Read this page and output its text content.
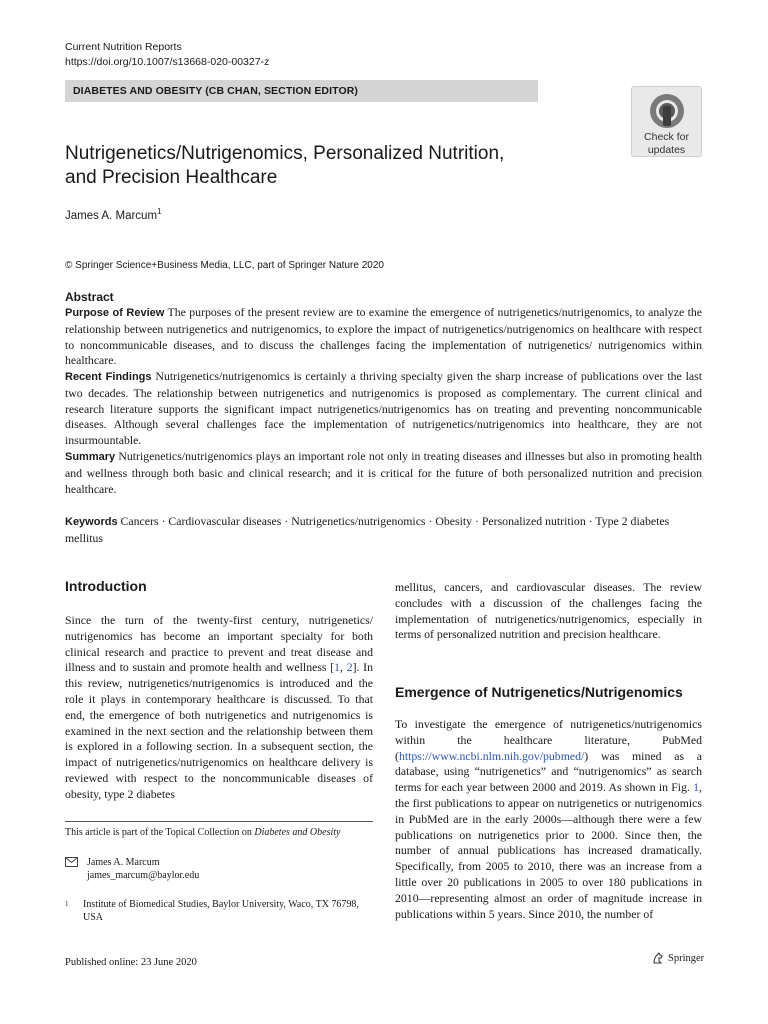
Current Nutrition Reports
https://doi.org/10.1007/s13668-020-00327-z
DIABETES AND OBESITY (CB CHAN, SECTION EDITOR)
Check for
updates
Nutrigenetics/Nutrigenomics, Personalized Nutrition,
and Precision Healthcare
James A. Marcum$^1$
© Springer Science+Business Media, LLC, part of Springer Nature 2020
Abstract

Purpose of Review The purposes of the present review are to examine the emergence of nutrigenetics/nutrigenomics, to analyze the relationship between nutrigenetics and nutrigenomics, to explore the impact of nutrigenetics/nutrigenomics on healthcare with respect to noncommunicable diseases, and to discuss the challenges facing the implementation of nutrigenetics/ nutrigenomics within healthcare.

Recent Findings Nutrigenetics/nutrigenomics is certainly a thriving specialty given the sharp increase of publications over the last two decades. The relationship between nutrigenetics and nutrigenomics is proposed as complementary. The current clinical and research literature supports the significant impact nutrigenetics/nutrigenomics has on treating and preventing noncommunicable diseases. Although several challenges face the implementation of nutrigenetics/nutrigenomics into healthcare, they are not insurmountable.

Summary Nutrigenetics/nutrigenomics plays an important role not only in treating diseases and illnesses but also in promoting health and wellness through both basic and clinical research; and it is critical for the future of both personalized nutrition and precision healthcare.

Keywords Cancers · Cardiovascular diseases · Nutrigenetics/nutrigenomics · Obesity · Personalized nutrition · Type 2 diabetes mellitus

Introduction

Since the turn of the twenty-first century, nutrigenetics/ nutrigenomics has become an important specialty for both clinical research and practice to prevent and treat disease and illness and to sustain and promote health and wellness [1, 2]. In this review, nutrigenetics/nutrigenomics is introduced and the role it plays in contemporary healthcare is discussed. To that end, the emergence of both nutrigenetics and nutrigenomics is examined in the next section and the relationship between them is explored in a following section. In a subsequent section, the impact of nutrigenetics/nutrigenomics on healthcare delivery is reviewed with respect to the noncommunicable diseases of obesity, type 2 diabetes

This article is part of the Topical Collection on Diabetes and Obesity

James A. Marcum
james_marcum@baylor.edu
1 Institute of Biomedical Studies, Baylor University, Waco, TX 76798, USA

mellitus, cancers, and cardiovascular diseases. The review concludes with a discussion of the challenges facing the implementation of nutrigenetics/nutrigenomics, especially in terms of personalized nutrition and precision healthcare.

Emergence of Nutrigenetics/Nutrigenomics

To investigate the emergence of nutrigenetics/nutrigenomics within the healthcare literature, PubMed (https://www.ncbi.nlm.nih.gov/pubmed/) was mined as a database, using “nutrigenetics” and “nutrigenomics” as search terms for each year between 2000 and 2019. As shown in Fig. 1, the first publications to appear on nutrigenetics or nutrigenomics in PubMed are in the early 2000s—although there were a few publications on nutrigenetics prior to 2000. Since then, the number of annual publications has increased dramatically. Specifically, from 2005 to 2010, there was an increase from a little over 20 publications in 2005 to over 180 publications in 2010—representing almost an order of magnitude increase in publications within 5 years. Since 2010, the number of

Published online: 23 June 2020	Springer
